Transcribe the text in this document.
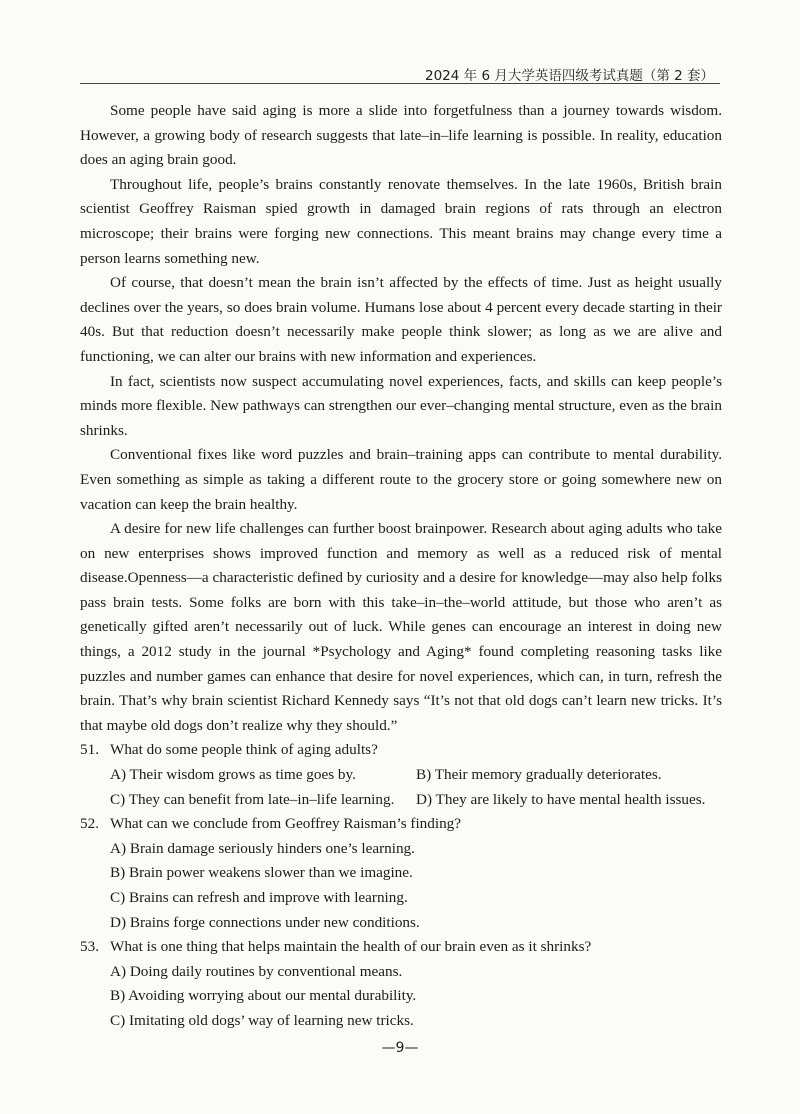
2024 年 6 月大学英语四级考试真题（第 2 套）

Some people have said aging is more a slide into forgetfulness than a journey towards wisdom. However, a growing body of research suggests that late–in–life learning is possible. In reality, education does an aging brain good.

Throughout life, people’s brains constantly renovate themselves. In the late 1960s, British brain scientist Geoffrey Raisman spied growth in damaged brain regions of rats through an electron microscope; their brains were forging new connections. This meant brains may change every time a person learns something new.

Of course, that doesn’t mean the brain isn’t affected by the effects of time. Just as height usually declines over the years, so does brain volume. Humans lose about 4 percent every decade starting in their 40s. But that reduction doesn’t necessarily make people think slower; as long as we are alive and functioning, we can alter our brains with new information and experiences.

In fact, scientists now suspect accumulating novel experiences, facts, and skills can keep people’s minds more flexible. New pathways can strengthen our ever–changing mental structure, even as the brain shrinks.

Conventional fixes like word puzzles and brain–training apps can contribute to mental durability. Even something as simple as taking a different route to the grocery store or going somewhere new on vacation can keep the brain healthy.

A desire for new life challenges can further boost brainpower. Research about aging adults who take on new enterprises shows improved function and memory as well as a reduced risk of mental disease.Openness—a characteristic defined by curiosity and a desire for knowledge—may also help folks pass brain tests. Some folks are born with this take–in–the–world attitude, but those who aren’t as genetically gifted aren’t necessarily out of luck. While genes can encourage an interest in doing new things, a 2012 study in the journal *Psychology and Aging* found completing reasoning tasks like puzzles and number games can enhance that desire for novel experiences, which can, in turn, refresh the brain. That’s why brain scientist Richard Kennedy says “It’s not that old dogs can’t learn new tricks. It’s that maybe old dogs don’t realize why they should.”

51. What do some people think of aging adults?
A) Their wisdom grows as time goes by.	B) Their memory gradually deteriorates.
C) They can benefit from late–in–life learning.	D) They are likely to have mental health issues.
52. What can we conclude from Geoffrey Raisman’s finding?
A) Brain damage seriously hinders one’s learning.
B) Brain power weakens slower than we imagine.
C) Brains can refresh and improve with learning.
D) Brains forge connections under new conditions.
53. What is one thing that helps maintain the health of our brain even as it shrinks?
A) Doing daily routines by conventional means.
B) Avoiding worrying about our mental durability.
C) Imitating old dogs’ way of learning new tricks.
—9—
